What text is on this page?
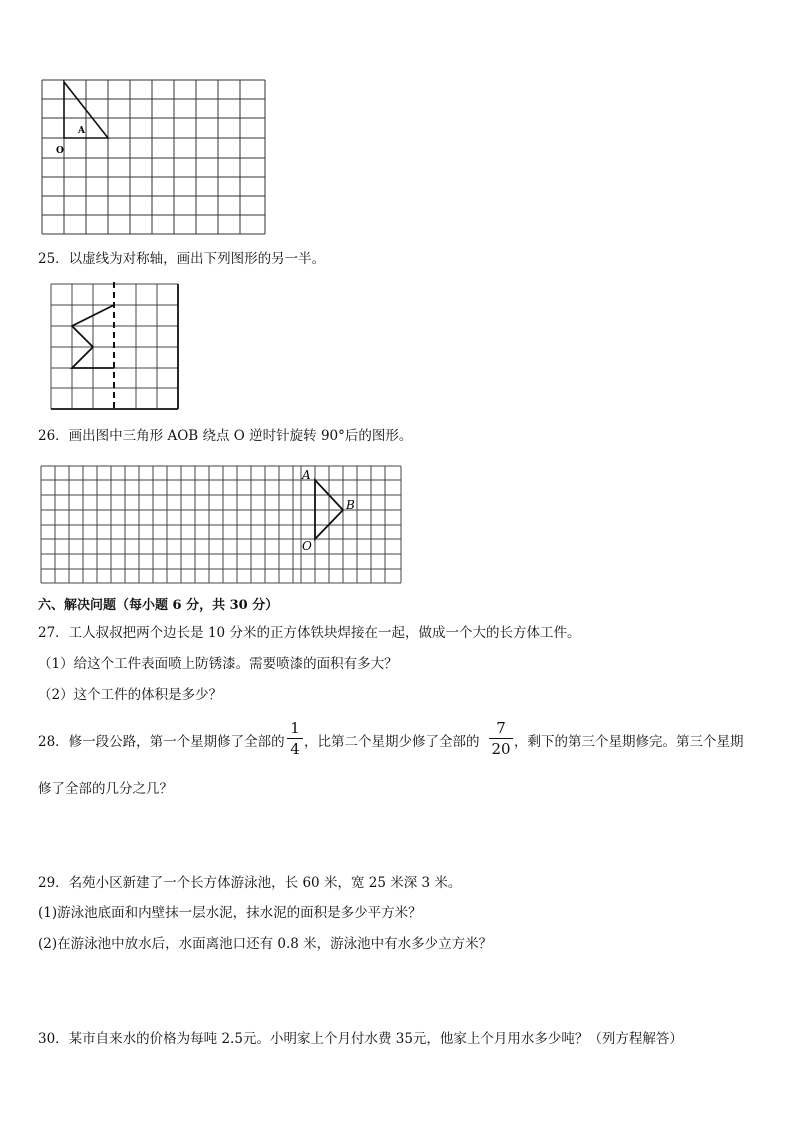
A
O
25．以虚线为对称轴，画出下列图形的另一半。
26．画出图中三角形 AOB 绕点 O 逆时针旋转 90°后的图形。
A
B
O
六、解决问题（每小题 6 分，共 30 分）
27．工人叔叔把两个边长是 10 分米的正方体铁块焊接在一起，做成一个大的长方体工件。
（1）给这个工件表面喷上防锈漆。需要喷漆的面积有多大？
（2）这个工件的体积是多少？
28．修一段公路，第一个星期修了全部的
1
4 ，比第二个星期少修了全部的
7
20 ，剩下的第三个星期修完。第三个星期
修了全部的几分之几？
29．名苑小区新建了一个长方体游泳池，长 60 米，宽 25 米深 3 米。
(1)游泳池底面和内壁抹一层水泥，抹水泥的面积是多少平方米？
(2)在游泳池中放水后，水面离池口还有 0.8 米，游泳池中有水多少立方米？
30．某市自来水的价格为每吨 2.5元。小明家上个月付水费 35元，他家上个月用水多少吨？（列方程解答）
